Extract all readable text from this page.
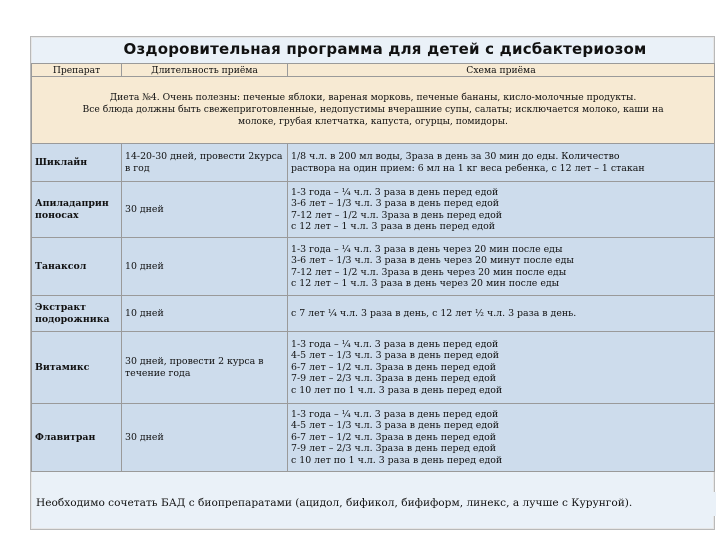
Оздоровительная программа для детей с дисбактериозом
Препарат	Длительность приёма	Схема приёма

Диета №4. Очень полезны: печеные яблоки, вареная морковь, печеные бананы, кисло-молочные продукты.
Все блюда должны быть свежеприготовленные, недопустимы вчерашние супы, салаты; исключается молоко, каши на
молоке, грубая клетчатка, капуста, огурцы, помидоры.		

Шиклайн	14-20-30 дней, провести 2курса в год	1/8 ч.л. в 200 мл воды, 3раза в день за 30 мин до еды. Количество
раствора на один прием: 6 мл на 1 кг веса ребенка, с 12 лет – 1 стакан

Апиладаприн поносах	30 дней	1-3 года – ¼ ч.л. 3 раза в день перед едой
3-6 лет – 1/3 ч.л. 3 раза в день перед едой
7-12 лет – 1/2 ч.л. 3раза в день перед едой
с 12 лет – 1 ч.л. 3 раза в день перед едой

Танаксол	10 дней	1-3 года – ¼ ч.л. 3 раза в день через 20 мин после еды
3-6 лет – 1/3 ч.л. 3 раза в день через 20 минут после еды
7-12 лет – 1/2 ч.л. 3раза в день через 20 мин после еды
с 12 лет – 1 ч.л. 3 раза в день через 20 мин после еды

Экстракт подорожника	10 дней	с 7 лет ¼ ч.л. 3 раза в день, с 12 лет ½ ч.л. 3 раза в день.

Витамикс	30 дней, провести 2 курса в течение года	1-3 года – ¼ ч.л. 3 раза в день перед едой
4-5 лет – 1/3 ч.л. 3 раза в день перед едой
6-7 лет – 1/2 ч.л. 3раза в день перед едой
7-9 лет – 2/3 ч.л. 3раза в день перед едой
с 10 лет по 1 ч.л. 3 раза в день перед едой

Флавитран	30 дней	1-3 года – ¼ ч.л. 3 раза в день перед едой
4-5 лет – 1/3 ч.л. 3 раза в день перед едой
6-7 лет – 1/2 ч.л. 3раза в день перед едой
7-9 лет – 2/3 ч.л. 3раза в день перед едой
с 10 лет по 1 ч.л. 3 раза в день перед едой
Необходимо сочетать БАД с биопрепаратами (ацидол, бификол, бифиформ, линекс, а лучше с Курунгой).
